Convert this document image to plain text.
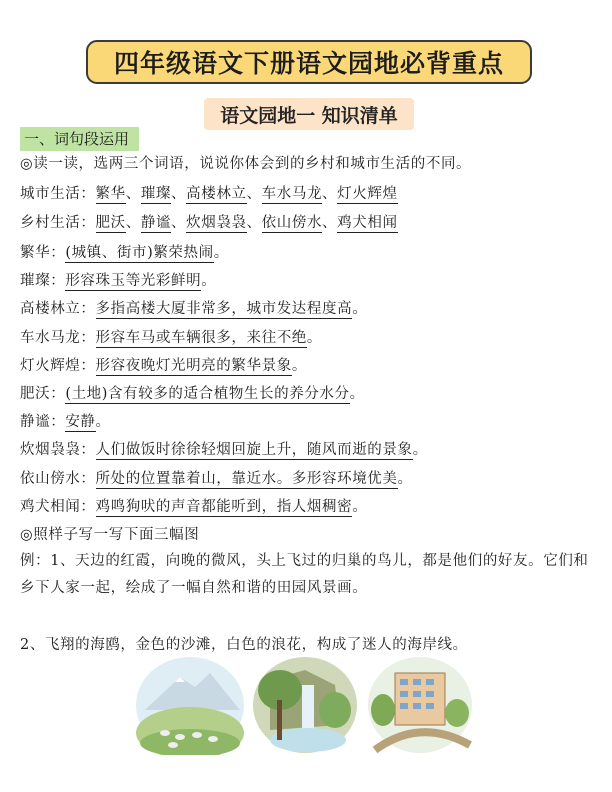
四年级语文下册语文园地必背重点
语文园地一 知识清单
一、词句段运用
◎读一读，选两三个词语，说说你体会到的乡村和城市生活的不同。
城市生活：繁华、璀璨、高楼林立、车水马龙、灯火辉煌
乡村生活：肥沃、静谧、炊烟袅袅、依山傍水、鸡犬相闻
繁华：(城镇、街市)繁荣热闹。
璀璨：形容珠玉等光彩鲜明。
高楼林立：多指高楼大厦非常多，城市发达程度高。
车水马龙：形容车马或车辆很多，来往不绝。
灯火辉煌：形容夜晚灯光明亮的繁华景象。
肥沃：(土地)含有较多的适合植物生长的养分水分。
静谧：安静。
炊烟袅袅：人们做饭时徐徐轻烟回旋上升，随风而逝的景象。
依山傍水：所处的位置靠着山，靠近水。多形容环境优美。
鸡犬相闻：鸡鸣狗吠的声音都能听到，指人烟稠密。
◎照样子写一写下面三幅图
例：1、天边的红霞，向晚的微风，头上飞过的归巢的鸟儿，都是他们的好友。它们和乡下人家一起，绘成了一幅自然和谐的田园风景画。
2、飞翔的海鸥，金色的沙滩，白色的浪花，构成了迷人的海岸线。
